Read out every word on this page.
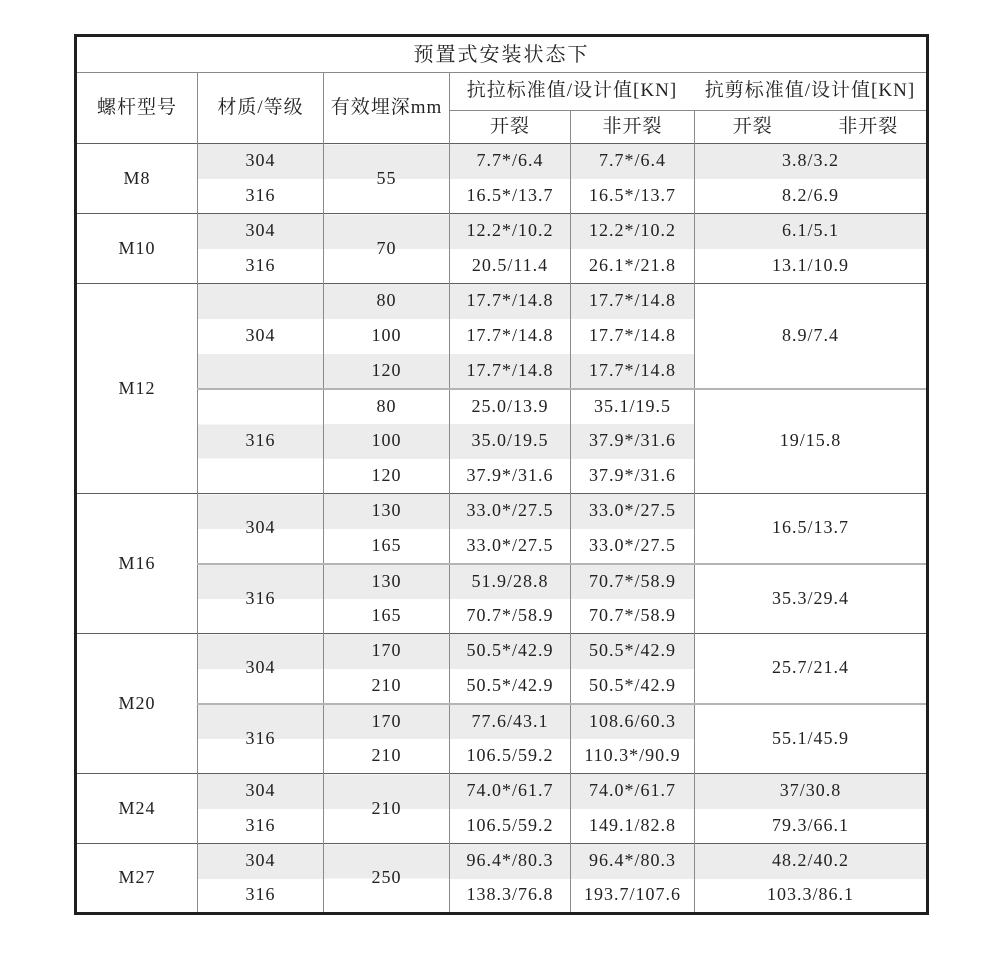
预置式安装状态下					
螺杆型号	材质/等级	有效埋深mm	抗拉标准值/设计值[KN] 抗剪标准值/设计值[KN]		

			开裂	非开裂	开裂 非开裂

M8	304	55	7.7*/6.4	7.7*/6.4	3.8/3.2
	316		16.5*/13.7	16.5*/13.7	8.2/6.9
M10	304	70	12.2*/10.2	12.2*/10.2	6.1/5.1
	316		20.5/11.4	26.1*/21.8	13.1/10.9
M12	304	80	17.7*/14.8	17.7*/14.8	8.9/7.4
		100	17.7*/14.8	17.7*/14.8	
		120	17.7*/14.8	17.7*/14.8	
	316	80	25.0/13.9	35.1/19.5	19/15.8
		100	35.0/19.5	37.9*/31.6	
		120	37.9*/31.6	37.9*/31.6	
M16	304	130	33.0*/27.5	33.0*/27.5	16.5/13.7
		165	33.0*/27.5	33.0*/27.5	
	316	130	51.9/28.8	70.7*/58.9	35.3/29.4
		165	70.7*/58.9	70.7*/58.9	
M20	304	170	50.5*/42.9	50.5*/42.9	25.7/21.4
		210	50.5*/42.9	50.5*/42.9	
	316	170	77.6/43.1	108.6/60.3	55.1/45.9
		210	106.5/59.2	110.3*/90.9	
M24	304	210	74.0*/61.7	74.0*/61.7	37/30.8
	316		106.5/59.2	149.1/82.8	79.3/66.1
M27	304	250	96.4*/80.3	96.4*/80.3	48.2/40.2
	316		138.3/76.8	193.7/107.6	103.3/86.1
